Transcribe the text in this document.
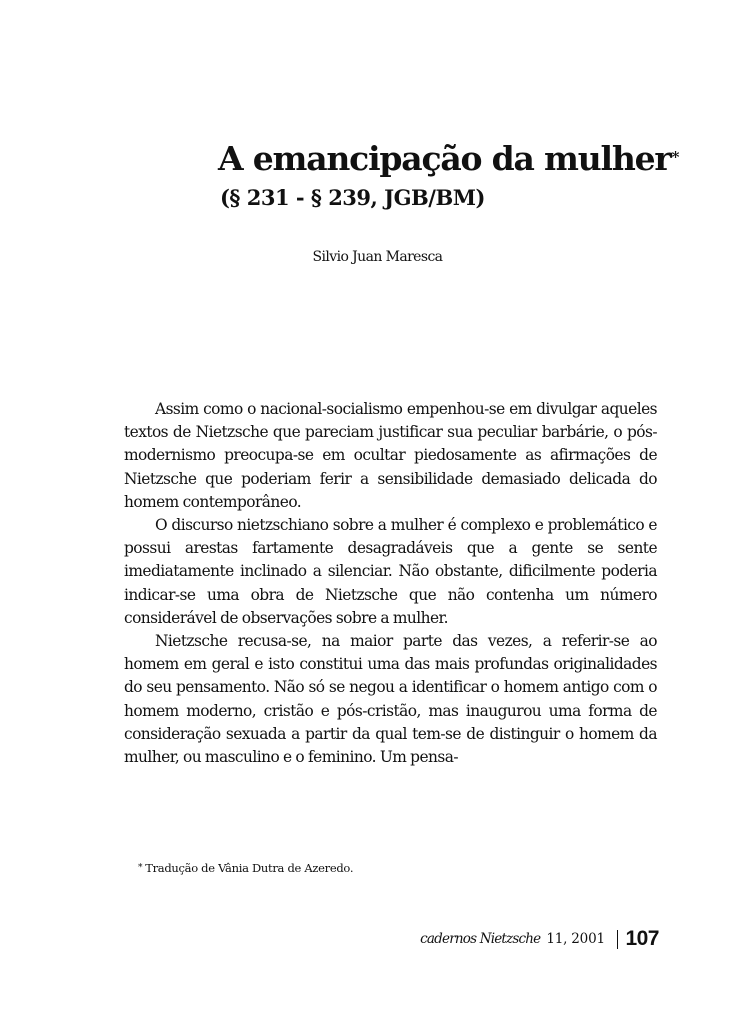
A emancipação da mulher*
(§ 231 - § 239, JGB/BM)
Silvio Juan Maresca

Assim como o nacional-socialismo empenhou-se em divulgar aqueles textos de Nietzsche que pareciam justificar sua peculiar barbárie, o pós-modernismo preocupa-se em ocultar piedosamente as afirmações de Nietzsche que poderiam ferir a sensibilidade demasiado delicada do homem contemporâneo.

O discurso nietzschiano sobre a mulher é complexo e problemático e possui arestas fartamente desagradáveis que a gente se sente imediatamente inclinado a silenciar. Não obstante, dificilmente poderia indicar-se uma obra de Nietzsche que não contenha um número considerável de observações sobre a mulher.

Nietzsche recusa-se, na maior parte das vezes, a referir-se ao homem em geral e isto constitui uma das mais profundas originalidades do seu pensamento. Não só se negou a identificar o homem antigo com o homem moderno, cristão e pós-cristão, mas inaugurou uma forma de consideração sexuada a partir da qual tem-se de distinguir o homem da mulher, ou masculino e o feminino. Um pensa-

* Tradução de Vânia Dutra de Azeredo.
cadernos Nietzsche 11, 2001 107
